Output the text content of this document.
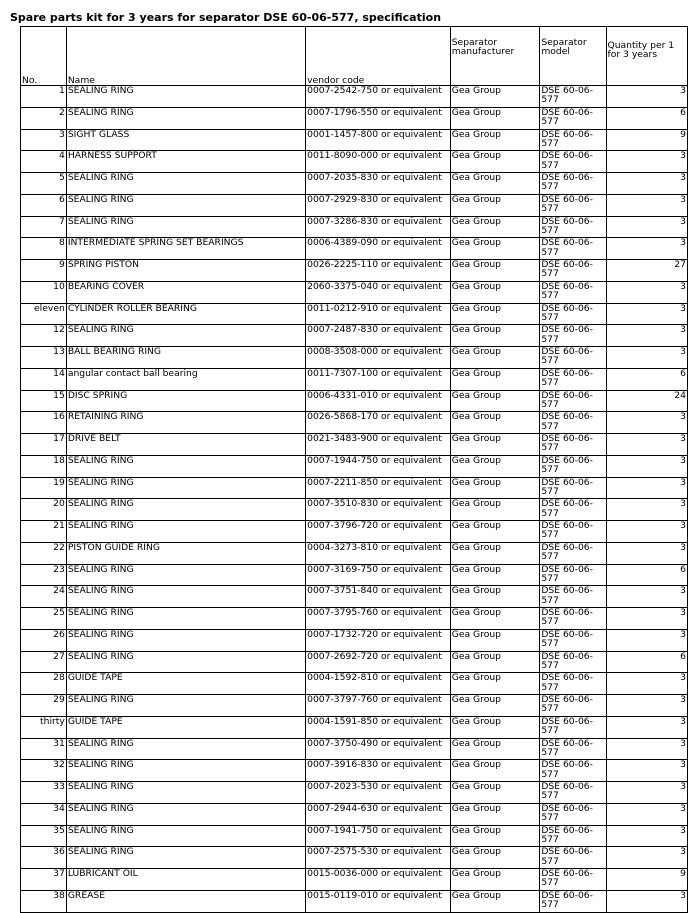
Spare parts kit for 3 years for separator DSE 60-06-577, specification
No.	Name	vendor code	Separator manufacturer	Separator model	Quantity per 1 for 3 years
1	SEALING RING	0007-2542-750 or equivalent	Gea Group	DSE 60-06-577	3
2	SEALING RING	0007-1796-550 or equivalent	Gea Group	DSE 60-06-577	6
3	SIGHT GLASS	0001-1457-800 or equivalent	Gea Group	DSE 60-06-577	9
4	HARNESS SUPPORT	0011-8090-000 or equivalent	Gea Group	DSE 60-06-577	3
5	SEALING RING	0007-2035-830 or equivalent	Gea Group	DSE 60-06-577	3
6	SEALING RING	0007-2929-830 or equivalent	Gea Group	DSE 60-06-577	3
7	SEALING RING	0007-3286-830 or equivalent	Gea Group	DSE 60-06-577	3
8	INTERMEDIATE SPRING SET BEARINGS	0006-4389-090 or equivalent	Gea Group	DSE 60-06-577	3
9	SPRING PISTON	0026-2225-110 or equivalent	Gea Group	DSE 60-06-577	27
10	BEARING COVER	2060-3375-040 or equivalent	Gea Group	DSE 60-06-577	3
eleven	CYLINDER ROLLER BEARING	0011-0212-910 or equivalent	Gea Group	DSE 60-06-577	3
12	SEALING RING	0007-2487-830 or equivalent	Gea Group	DSE 60-06-577	3
13	BALL BEARING RING	0008-3508-000 or equivalent	Gea Group	DSE 60-06-577	3
14	angular contact ball bearing	0011-7307-100 or equivalent	Gea Group	DSE 60-06-577	6
15	DISC SPRING	0006-4331-010 or equivalent	Gea Group	DSE 60-06-577	24
16	RETAINING RING	0026-5868-170 or equivalent	Gea Group	DSE 60-06-577	3
17	DRIVE BELT	0021-3483-900 or equivalent	Gea Group	DSE 60-06-577	3
18	SEALING RING	0007-1944-750 or equivalent	Gea Group	DSE 60-06-577	3
19	SEALING RING	0007-2211-850 or equivalent	Gea Group	DSE 60-06-577	3
20	SEALING RING	0007-3510-830 or equivalent	Gea Group	DSE 60-06-577	3
21	SEALING RING	0007-3796-720 or equivalent	Gea Group	DSE 60-06-577	3
22	PISTON GUIDE RING	0004-3273-810 or equivalent	Gea Group	DSE 60-06-577	3
23	SEALING RING	0007-3169-750 or equivalent	Gea Group	DSE 60-06-577	6
24	SEALING RING	0007-3751-840 or equivalent	Gea Group	DSE 60-06-577	3
25	SEALING RING	0007-3795-760 or equivalent	Gea Group	DSE 60-06-577	3
26	SEALING RING	0007-1732-720 or equivalent	Gea Group	DSE 60-06-577	3
27	SEALING RING	0007-2692-720 or equivalent	Gea Group	DSE 60-06-577	6
28	GUIDE TAPE	0004-1592-810 or equivalent	Gea Group	DSE 60-06-577	3
29	SEALING RING	0007-3797-760 or equivalent	Gea Group	DSE 60-06-577	3
thirty	GUIDE TAPE	0004-1591-850 or equivalent	Gea Group	DSE 60-06-577	3
31	SEALING RING	0007-3750-490 or equivalent	Gea Group	DSE 60-06-577	3
32	SEALING RING	0007-3916-830 or equivalent	Gea Group	DSE 60-06-577	3
33	SEALING RING	0007-2023-530 or equivalent	Gea Group	DSE 60-06-577	3
34	SEALING RING	0007-2944-630 or equivalent	Gea Group	DSE 60-06-577	3
35	SEALING RING	0007-1941-750 or equivalent	Gea Group	DSE 60-06-577	3
36	SEALING RING	0007-2575-530 or equivalent	Gea Group	DSE 60-06-577	3
37	LUBRICANT OIL	0015-0036-000 or equivalent	Gea Group	DSE 60-06-577	9
38	GREASE	0015-0119-010 or equivalent	Gea Group	DSE 60-06-577	3
